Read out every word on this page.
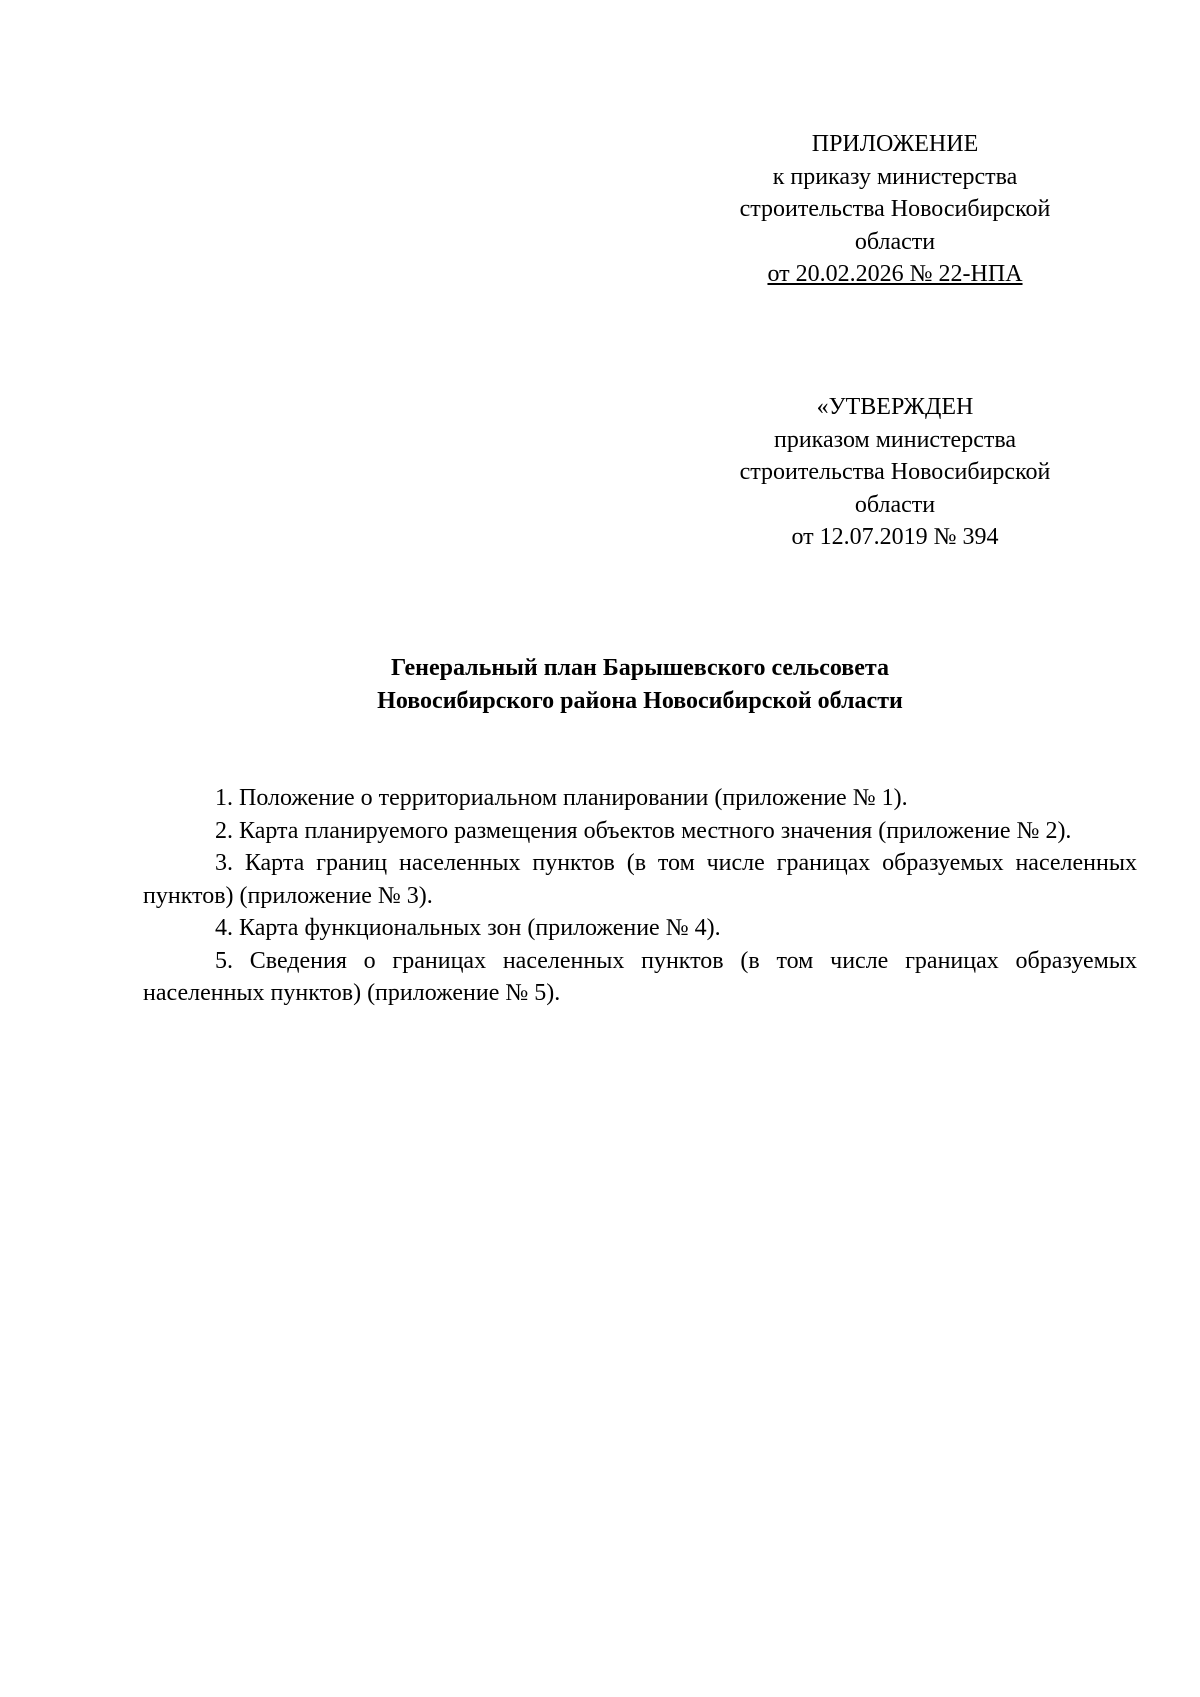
ПРИЛОЖЕНИЕ
к приказу министерства
строительства Новосибирской
области
от 20.02.2026 № 22-НПА
«УТВЕРЖДЕН
приказом министерства
строительства Новосибирской
области
от 12.07.2019 № 394
Генеральный план Барышевского сельсовета
Новосибирского района Новосибирской области
1. Положение о территориальном планировании (приложение № 1).
2. Карта планируемого размещения объектов местного значения (приложение № 2).
3. Карта границ населенных пунктов (в том числе границах образуемых населенных пунктов) (приложение № 3).
4. Карта функциональных зон (приложение № 4).
5. Сведения о границах населенных пунктов (в том числе границах образуемых населенных пунктов) (приложение № 5).
